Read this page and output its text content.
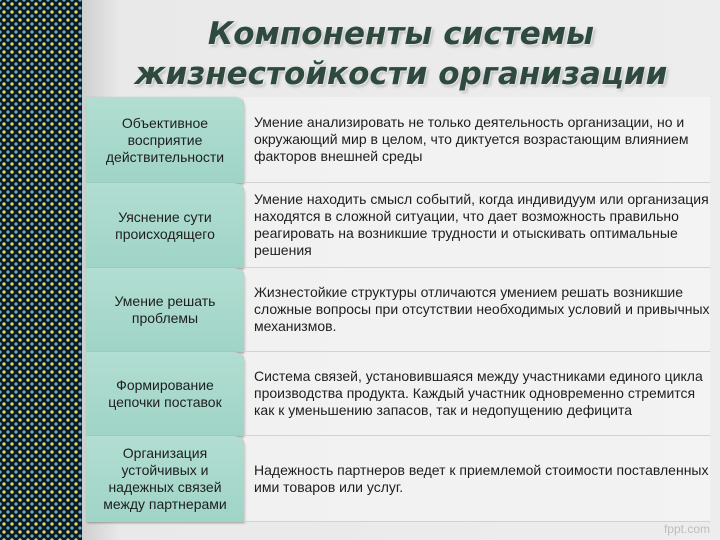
Компоненты системы
жизнестойкости организации
Объективное
восприятие
действительности
Умение анализировать не только деятельность организации, но и окружающий мир в целом, что диктуется возрастающим влиянием факторов внешней среды
Уяснение сути
происходящего
Умение находить смысл событий, когда индивидуум или организация находятся в сложной ситуации, что дает возможность правильно реагировать на возникшие трудности и отыскивать оптимальные решения
Умение решать
проблемы
Жизнестойкие структуры отличаются умением решать возникшие сложные вопросы при отсутствии необходимых условий и привычных механизмов.
Формирование
цепочки поставок
Система связей, установившаяся между участниками единого цикла производства продукта. Каждый участник одновременно стремится как к уменьшению запасов, так и недопущению дефицита
Организация
устойчивых и
надежных связей
между партнерами
Надежность партнеров ведет к приемлемой стоимости поставленных ими товаров или услуг.
fppt.com
